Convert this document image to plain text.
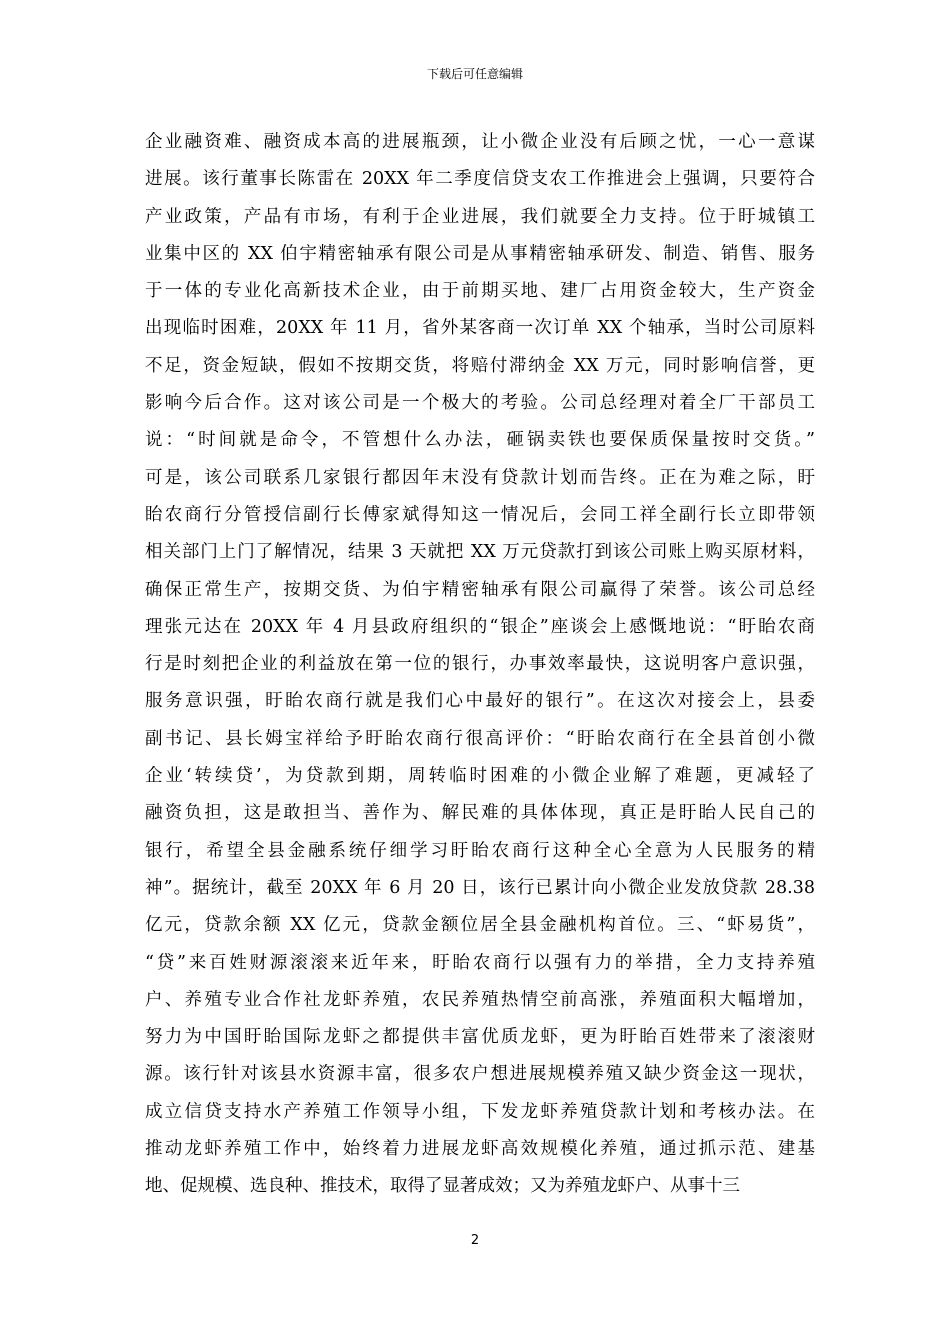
下载后可任意编辑
企业融资难、融资成本高的进展瓶颈，让小微企业没有后顾之忧，一心一意谋
进展。该行董事长陈雷在 20XX 年二季度信贷支农工作推进会上强调，只要符合
产业政策，产品有市场，有利于企业进展，我们就要全力支持。位于盱城镇工
业集中区的 XX 伯宇精密轴承有限公司是从事精密轴承研发、制造、销售、服务
于一体的专业化高新技术企业，由于前期买地、建厂占用资金较大，生产资金
出现临时困难，20XX 年 11 月，省外某客商一次订单 XX 个轴承，当时公司原料
不足，资金短缺，假如不按期交货，将赔付滞纳金 XX 万元，同时影响信誉，更
影响今后合作。这对该公司是一个极大的考验。公司总经理对着全厂干部员工
说：“时间就是命令，不管想什么办法，砸锅卖铁也要保质保量按时交货。”
可是，该公司联系几家银行都因年末没有贷款计划而告终。正在为难之际，盱
眙农商行分管授信副行长傅家斌得知这一情况后，会同工祥全副行长立即带领
相关部门上门了解情况，结果 3 天就把 XX 万元贷款打到该公司账上购买原材料，
确保正常生产，按期交货、为伯宇精密轴承有限公司赢得了荣誉。该公司总经
理张元达在 20XX 年 4 月县政府组织的“银企”座谈会上感慨地说：“盱眙农商
行是时刻把企业的利益放在第一位的银行，办事效率最快，这说明客户意识强，
服务意识强，盱眙农商行就是我们心中最好的银行”。在这次对接会上，县委
副书记、县长姆宝祥给予盱眙农商行很高评价：“盱眙农商行在全县首创小微
企业‘转续贷’，为贷款到期，周转临时困难的小微企业解了难题，更减轻了
融资负担，这是敢担当、善作为、解民难的具体体现，真正是盱眙人民自己的
银行，希望全县金融系统仔细学习盱眙农商行这种全心全意为人民服务的精
神”。据统计，截至 20XX 年 6 月 20 日，该行已累计向小微企业发放贷款 28.38
亿元，贷款余额 XX 亿元，贷款金额位居全县金融机构首位。三、“虾易货”，
“贷”来百姓财源滚滚来近年来，盱眙农商行以强有力的举措，全力支持养殖
户、养殖专业合作社龙虾养殖，农民养殖热情空前高涨，养殖面积大幅增加，
努力为中国盱眙国际龙虾之都提供丰富优质龙虾，更为盱眙百姓带来了滚滚财
源。该行针对该县水资源丰富，很多农户想进展规模养殖又缺少资金这一现状，
成立信贷支持水产养殖工作领导小组，下发龙虾养殖贷款计划和考核办法。在
推动龙虾养殖工作中，始终着力进展龙虾高效规模化养殖，通过抓示范、建基
地、促规模、选良种、推技术，取得了显著成效；又为养殖龙虾户、从事十三
2
